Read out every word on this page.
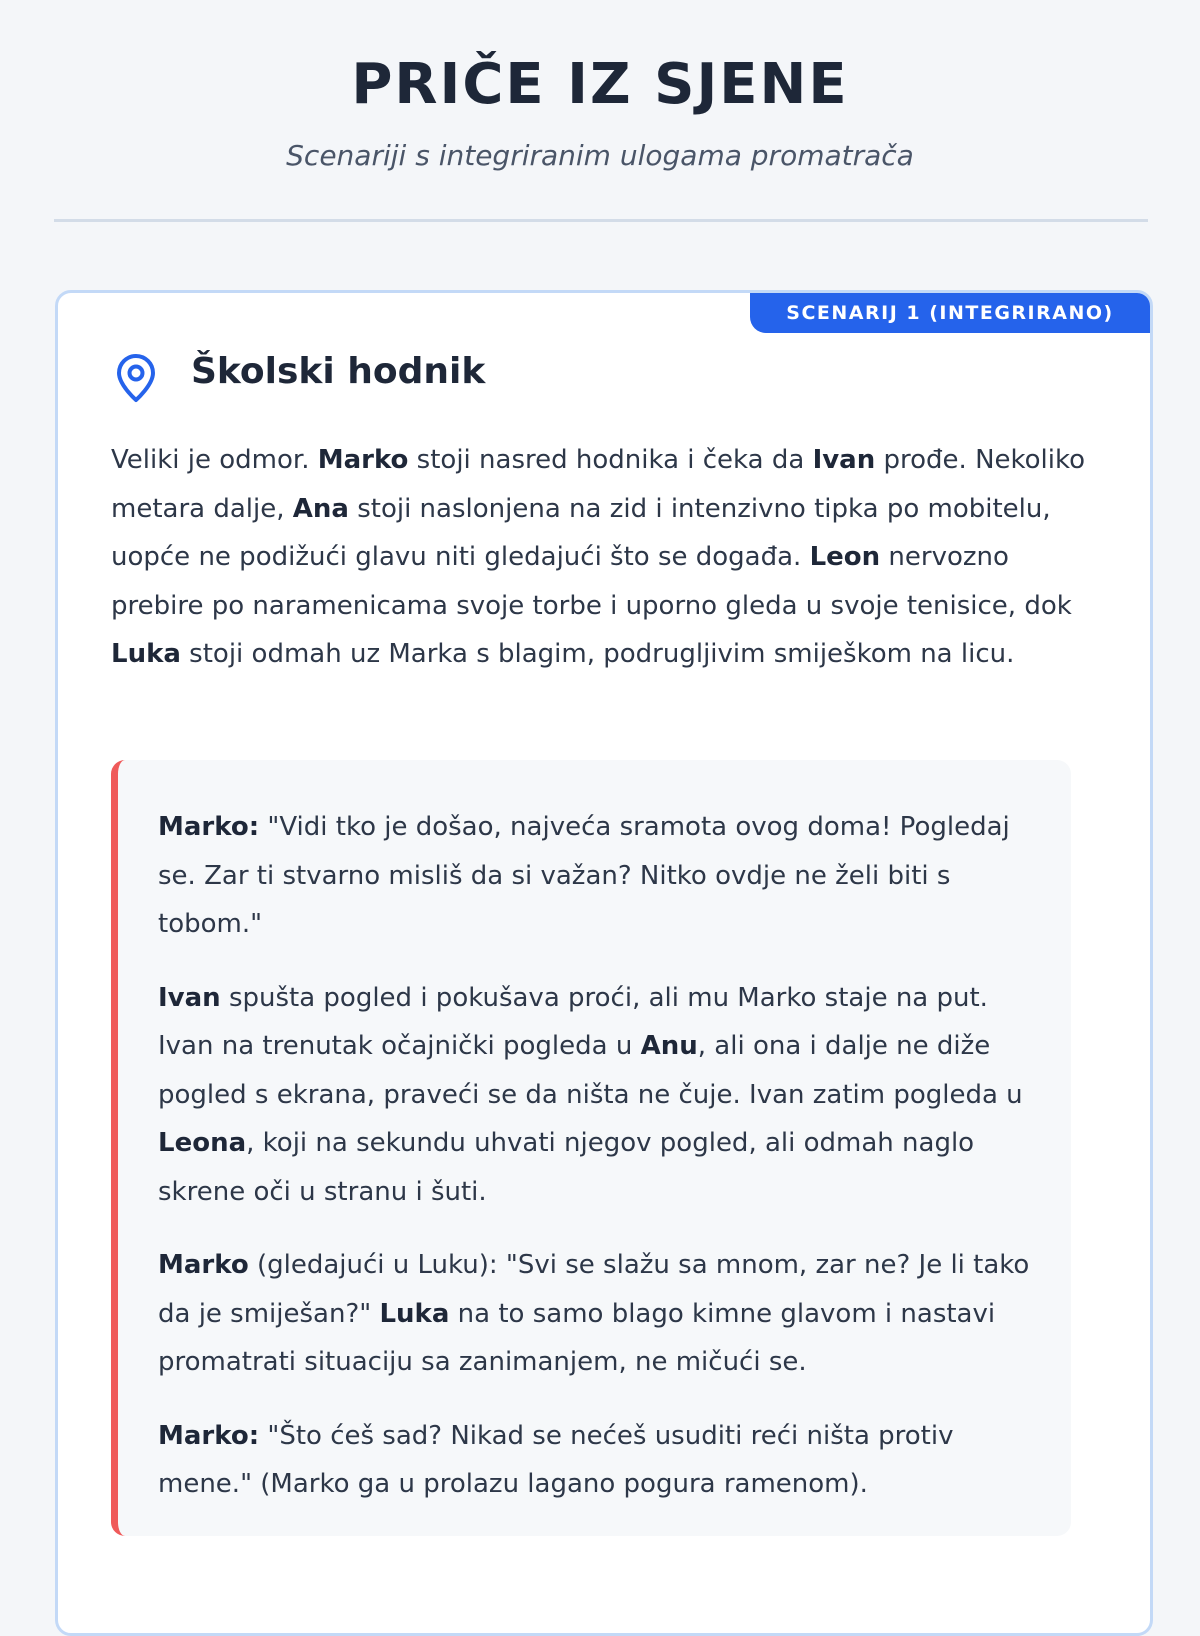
PRIČE IZ SJENE
Scenariji s integriranim ulogama promatrača
SCENARIJ 1 (INTEGRIRANO)
Školski hodnik

Veliki je odmor. Marko stoji nasred hodnika i čeka da Ivan prođe. Nekoliko metara dalje, Ana stoji naslonjena na zid i intenzivno tipka po mobitelu, uopće ne podižući glavu niti gledajući što se događa. Leon nervozno prebire po naramenicama svoje torbe i uporno gleda u svoje tenisice, dok Luka stoji odmah uz Marka s blagim, podrugljivim smiješkom na licu.

Marko: "Vidi tko je došao, najveća sramota ovog doma! Pogledaj se. Zar ti stvarno misliš da si važan? Nitko ovdje ne želi biti s tobom."

Ivan spušta pogled i pokušava proći, ali mu Marko staje na put. Ivan na trenutak očajnički pogleda u Anu, ali ona i dalje ne diže pogled s ekrana, praveći se da ništa ne čuje. Ivan zatim pogleda u Leona, koji na sekundu uhvati njegov pogled, ali odmah naglo skrene oči u stranu i šuti.

Marko (gledajući u Luku): "Svi se slažu sa mnom, zar ne? Je li tako da je smiješan?" Luka na to samo blago kimne glavom i nastavi promatrati situaciju sa zanimanjem, ne mičući se.

Marko: "Što ćeš sad? Nikad se nećeš usuditi reći ništa protiv mene." (Marko ga u prolazu lagano pogura ramenom).
